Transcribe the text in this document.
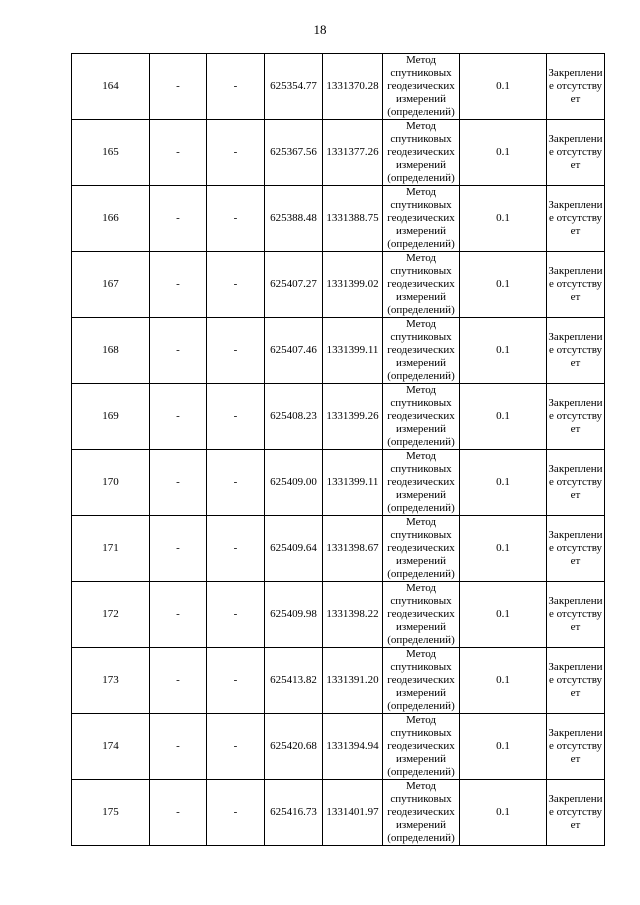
18
164	-	-	625354.77	1331370.28	Метод спутниковых геодезических измерений (определений)	0.1	Закрепление отсутствует
165	-	-	625367.56	1331377.26	Метод спутниковых геодезических измерений (определений)	0.1	Закрепление отсутствует
166	-	-	625388.48	1331388.75	Метод спутниковых геодезических измерений (определений)	0.1	Закрепление отсутствует
167	-	-	625407.27	1331399.02	Метод спутниковых геодезических измерений (определений)	0.1	Закрепление отсутствует
168	-	-	625407.46	1331399.11	Метод спутниковых геодезических измерений (определений)	0.1	Закрепление отсутствует
169	-	-	625408.23	1331399.26	Метод спутниковых геодезических измерений (определений)	0.1	Закрепление отсутствует
170	-	-	625409.00	1331399.11	Метод спутниковых геодезических измерений (определений)	0.1	Закрепление отсутствует
171	-	-	625409.64	1331398.67	Метод спутниковых геодезических измерений (определений)	0.1	Закрепление отсутствует
172	-	-	625409.98	1331398.22	Метод спутниковых геодезических измерений (определений)	0.1	Закрепление отсутствует
173	-	-	625413.82	1331391.20	Метод спутниковых геодезических измерений (определений)	0.1	Закрепление отсутствует
174	-	-	625420.68	1331394.94	Метод спутниковых геодезических измерений (определений)	0.1	Закрепление отсутствует
175	-	-	625416.73	1331401.97	Метод спутниковых геодезических измерений (определений)	0.1	Закрепление отсутствует
